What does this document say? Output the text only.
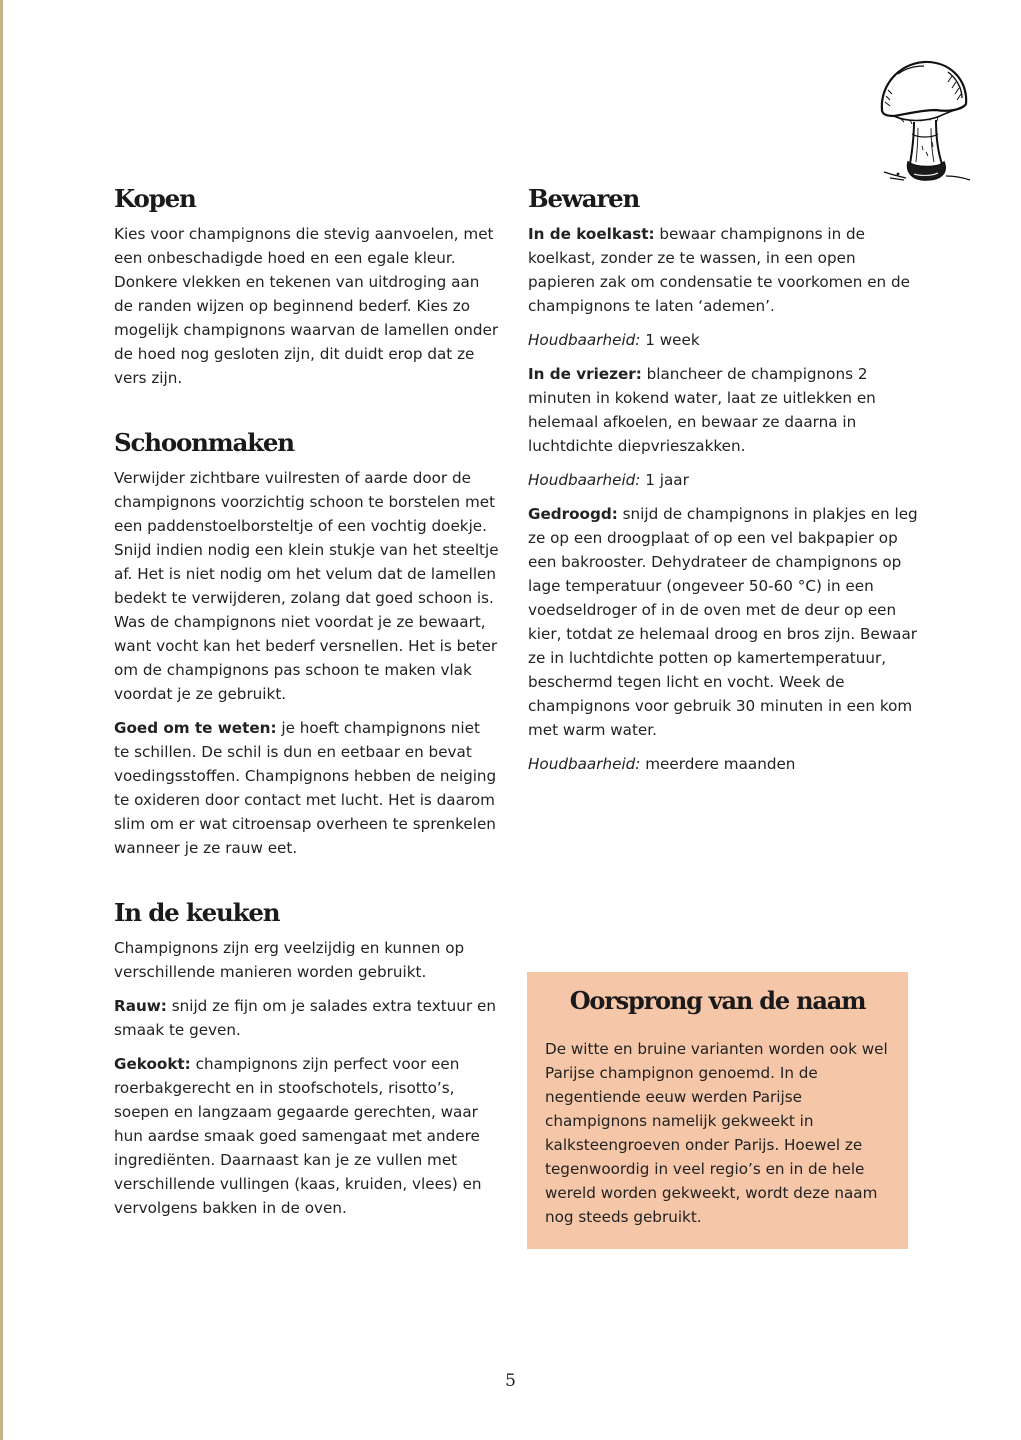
Kopen

Kies voor champignons die stevig aanvoelen, met een onbeschadigde hoed en een egale kleur. Donkere vlekken en tekenen van uitdroging aan de randen wijzen op beginnend bederf. Kies zo mogelijk champignons waarvan de lamellen onder de hoed nog gesloten zijn, dit duidt erop dat ze vers zijn.

Schoonmaken

Verwijder zichtbare vuilresten of aarde door de champignons voorzichtig schoon te borstelen met een paddenstoelborsteltje of een vochtig doekje. Snijd indien nodig een klein stukje van het steeltje af. Het is niet nodig om het velum dat de lamellen bedekt te verwijderen, zolang dat goed schoon is. Was de champignons niet voordat je ze bewaart, want vocht kan het bederf versnellen. Het is beter om de champignons pas schoon te maken vlak voordat je ze gebruikt.

Goed om te weten: je hoeft champignons niet te schillen. De schil is dun en eetbaar en bevat voedingsstoffen. Champignons hebben de neiging te oxideren door contact met lucht. Het is daarom slim om er wat citroensap overheen te sprenkelen wanneer je ze rauw eet.

In de keuken

Champignons zijn erg veelzijdig en kunnen op verschillende manieren worden gebruikt.

Rauw: snijd ze fijn om je salades extra textuur en smaak te geven.

Gekookt: champignons zijn perfect voor een roerbakgerecht en in stoofschotels, risotto’s, soepen en langzaam gegaarde gerechten, waar hun aardse smaak goed samengaat met andere ingrediënten. Daarnaast kan je ze vullen met verschillende vullingen (kaas, kruiden, vlees) en vervolgens bakken in de oven.

Bewaren

In de koelkast: bewaar champignons in de koelkast, zonder ze te wassen, in een open papieren zak om condensatie te voorkomen en de champignons te laten ‘ademen’.

Houdbaarheid: 1 week

In de vriezer: blancheer de champignons 2 minuten in kokend water, laat ze uitlekken en helemaal afkoelen, en bewaar ze daarna in luchtdichte diepvrieszakken.

Houdbaarheid: 1 jaar

Gedroogd: snijd de champignons in plakjes en leg ze op een droogplaat of op een vel bakpapier op een bakrooster. Dehydrateer de champignons op lage temperatuur (ongeveer 50-60 °C) in een voedseldroger of in de oven met de deur op een kier, totdat ze helemaal droog en bros zijn. Bewaar ze in luchtdichte potten op kamertemperatuur, beschermd tegen licht en vocht. Week de champignons voor gebruik 30 minuten in een kom met warm water.

Houdbaarheid: meerdere maanden

Oorsprong van de naam

De witte en bruine varianten worden ook wel Parijse champignon genoemd. In de negentiende eeuw werden Parijse champignons namelijk gekweekt in kalksteengroeven onder Parijs. Hoewel ze tegenwoordig in veel regio’s en in de hele wereld worden gekweekt, wordt deze naam nog steeds gebruikt.

5
